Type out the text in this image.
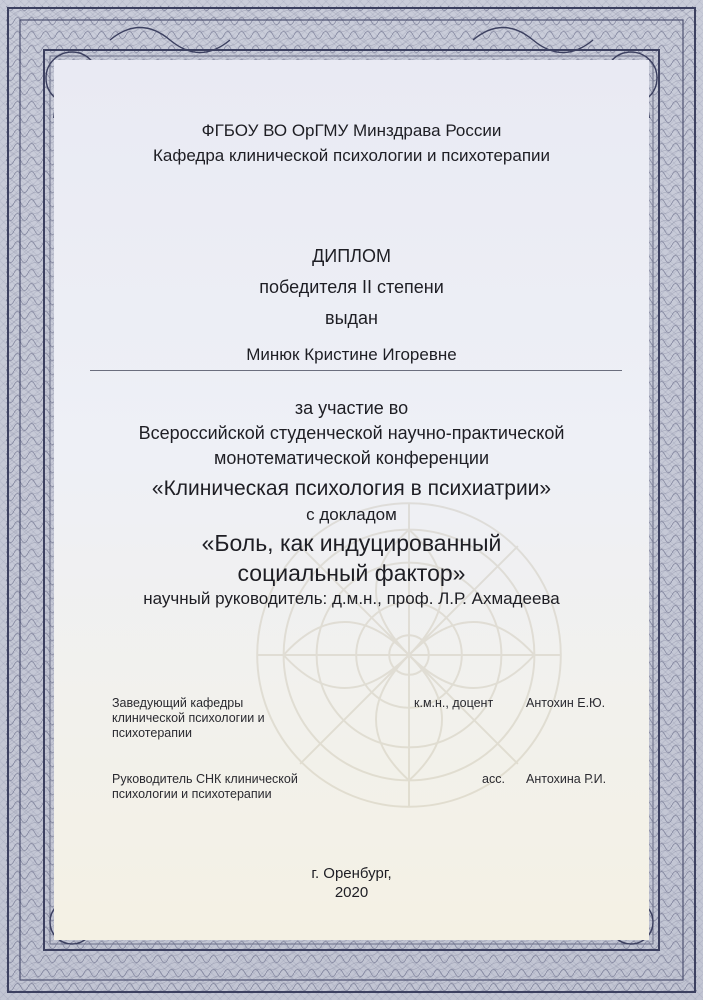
ФГБОУ ВО ОрГМУ Минздрава России
Кафедра клинической психологии и психотерапии
ДИПЛОМ
победителя II степени
выдан
Минюк Кристине Игоревне
за участие во
Всероссийской студенческой научно-практической
монотематической конференции
«Клиническая психология в психиатрии»
с докладом
«Боль, как индуцированный
социальный фактор»
научный руководитель: д.м.н., проф. Л.Р. Ахмадеева
Заведующий кафедры
клинической психологии и
психотерапии
к.м.н., доцент	Антохин Е.Ю.
Руководитель СНК клинической
психологии и психотерапии
асс. Антохина Р.И.
г. Оренбург,
2020
